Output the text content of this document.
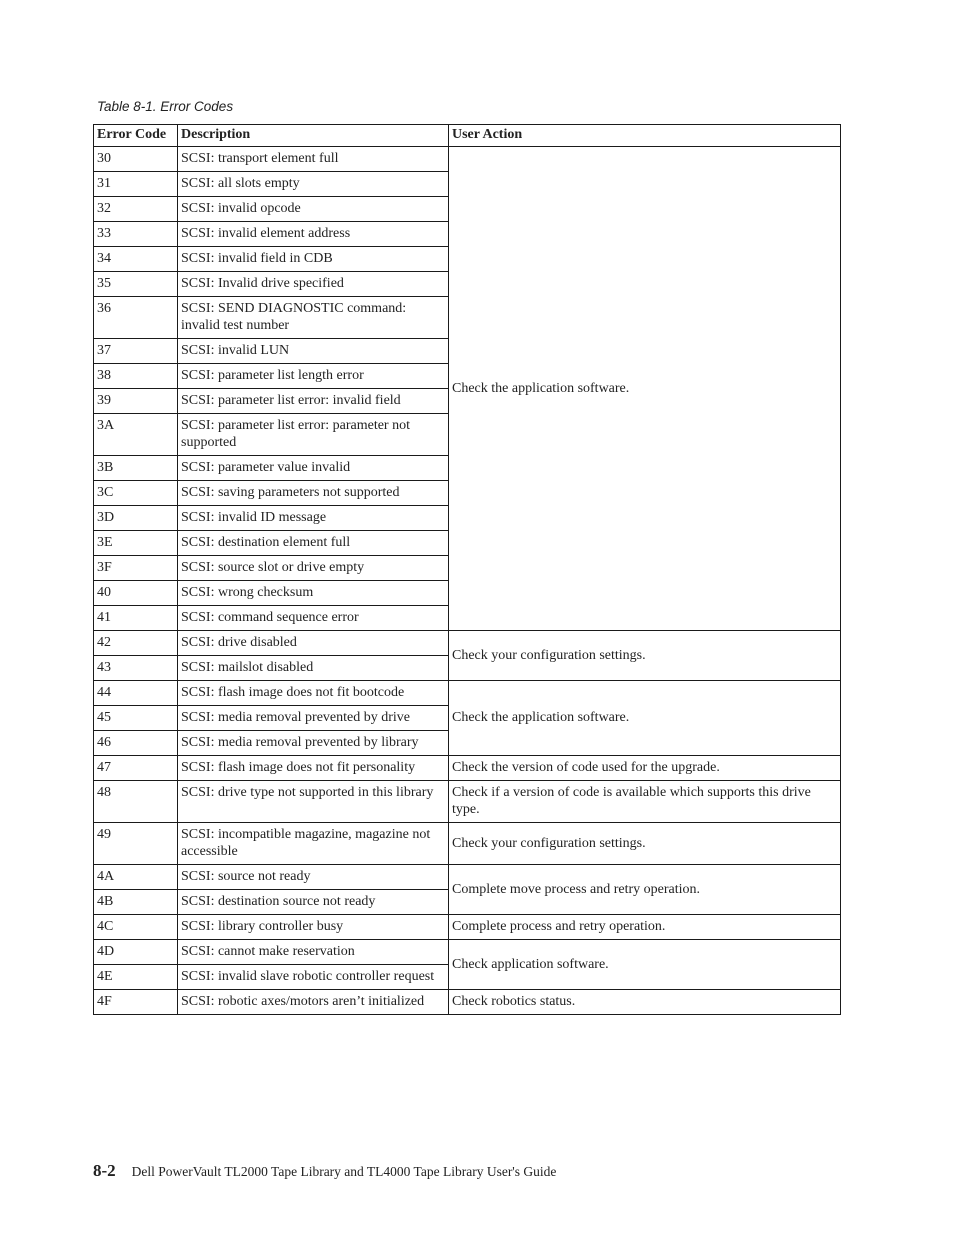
Table 8-1. Error Codes

Error Code	Description	User Action
30	SCSI: transport element full	Check the application software.
31	SCSI: all slots empty	
32	SCSI: invalid opcode	
33	SCSI: invalid element address	
34	SCSI: invalid field in CDB	
35	SCSI: Invalid drive specified	
36	SCSI: SEND DIAGNOSTIC command: invalid test number	
37	SCSI: invalid LUN	
38	SCSI: parameter list length error	
39	SCSI: parameter list error: invalid field	
3A	SCSI: parameter list error: parameter not supported	
3B	SCSI: parameter value invalid	
3C	SCSI: saving parameters not supported	
3D	SCSI: invalid ID message	
3E	SCSI: destination element full	
3F	SCSI: source slot or drive empty	
40	SCSI: wrong checksum	
41	SCSI: command sequence error	
42	SCSI: drive disabled	Check your configuration settings.
43	SCSI: mailslot disabled	
44	SCSI: flash image does not fit bootcode	Check the application software.
45	SCSI: media removal prevented by drive	
46	SCSI: media removal prevented by library	
47	SCSI: flash image does not fit personality	Check the version of code used for the upgrade.
48	SCSI: drive type not supported in this library	Check if a version of code is available which supports this drive type.
49	SCSI: incompatible magazine, magazine not accessible	Check your configuration settings.
4A	SCSI: source not ready	Complete move process and retry operation.
4B	SCSI: destination source not ready	
4C	SCSI: library controller busy	Complete process and retry operation.
4D	SCSI: cannot make reservation	Check application software.
4E	SCSI: invalid slave robotic controller request	
4F	SCSI: robotic axes/motors aren’t initialized	Check robotics status.

8-2 Dell PowerVault TL2000 Tape Library and TL4000 Tape Library User's Guide
